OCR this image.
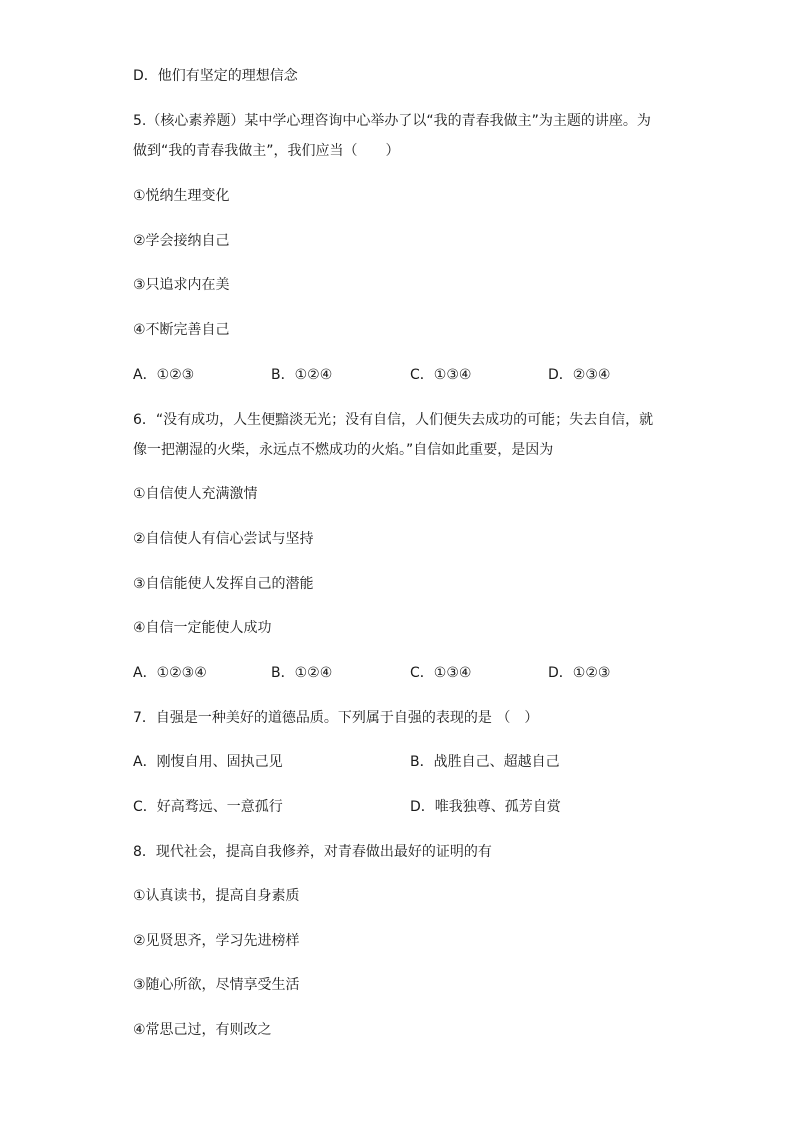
D．他们有坚定的理想信念
5.（核心素养题）某中学心理咨询中心举办了以“我的青春我做主”为主题的讲座。为
做到“我的青春我做主”，我们应当（　　）
①悦纳生理变化
②学会接纳自己
③只追求内在美
④不断完善自己
A．①②③	B．①②④	C．①③④	D．②③④
6．“没有成功，人生便黯淡无光；没有自信，人们便失去成功的可能；失去自信，就
像一把潮湿的火柴，永远点不燃成功的火焰。”自信如此重要，是因为
①自信使人充满激情
②自信使人有信心尝试与坚持
③自信能使人发挥自己的潜能
④自信一定能使人成功
A．①②③④	B．①②④	C．①③④	D．①②③
7．自强是一种美好的道德品质。下列属于自强的表现的是 （　）
A．刚愎自用、固执己见	B．战胜自己、超越自己
C．好高骛远、一意孤行	D．唯我独尊、孤芳自赏
8．现代社会，提高自我修养，对青春做出最好的证明的有
①认真读书，提高自身素质
②见贤思齐，学习先进榜样
③随心所欲，尽情享受生活
④常思己过，有则改之
